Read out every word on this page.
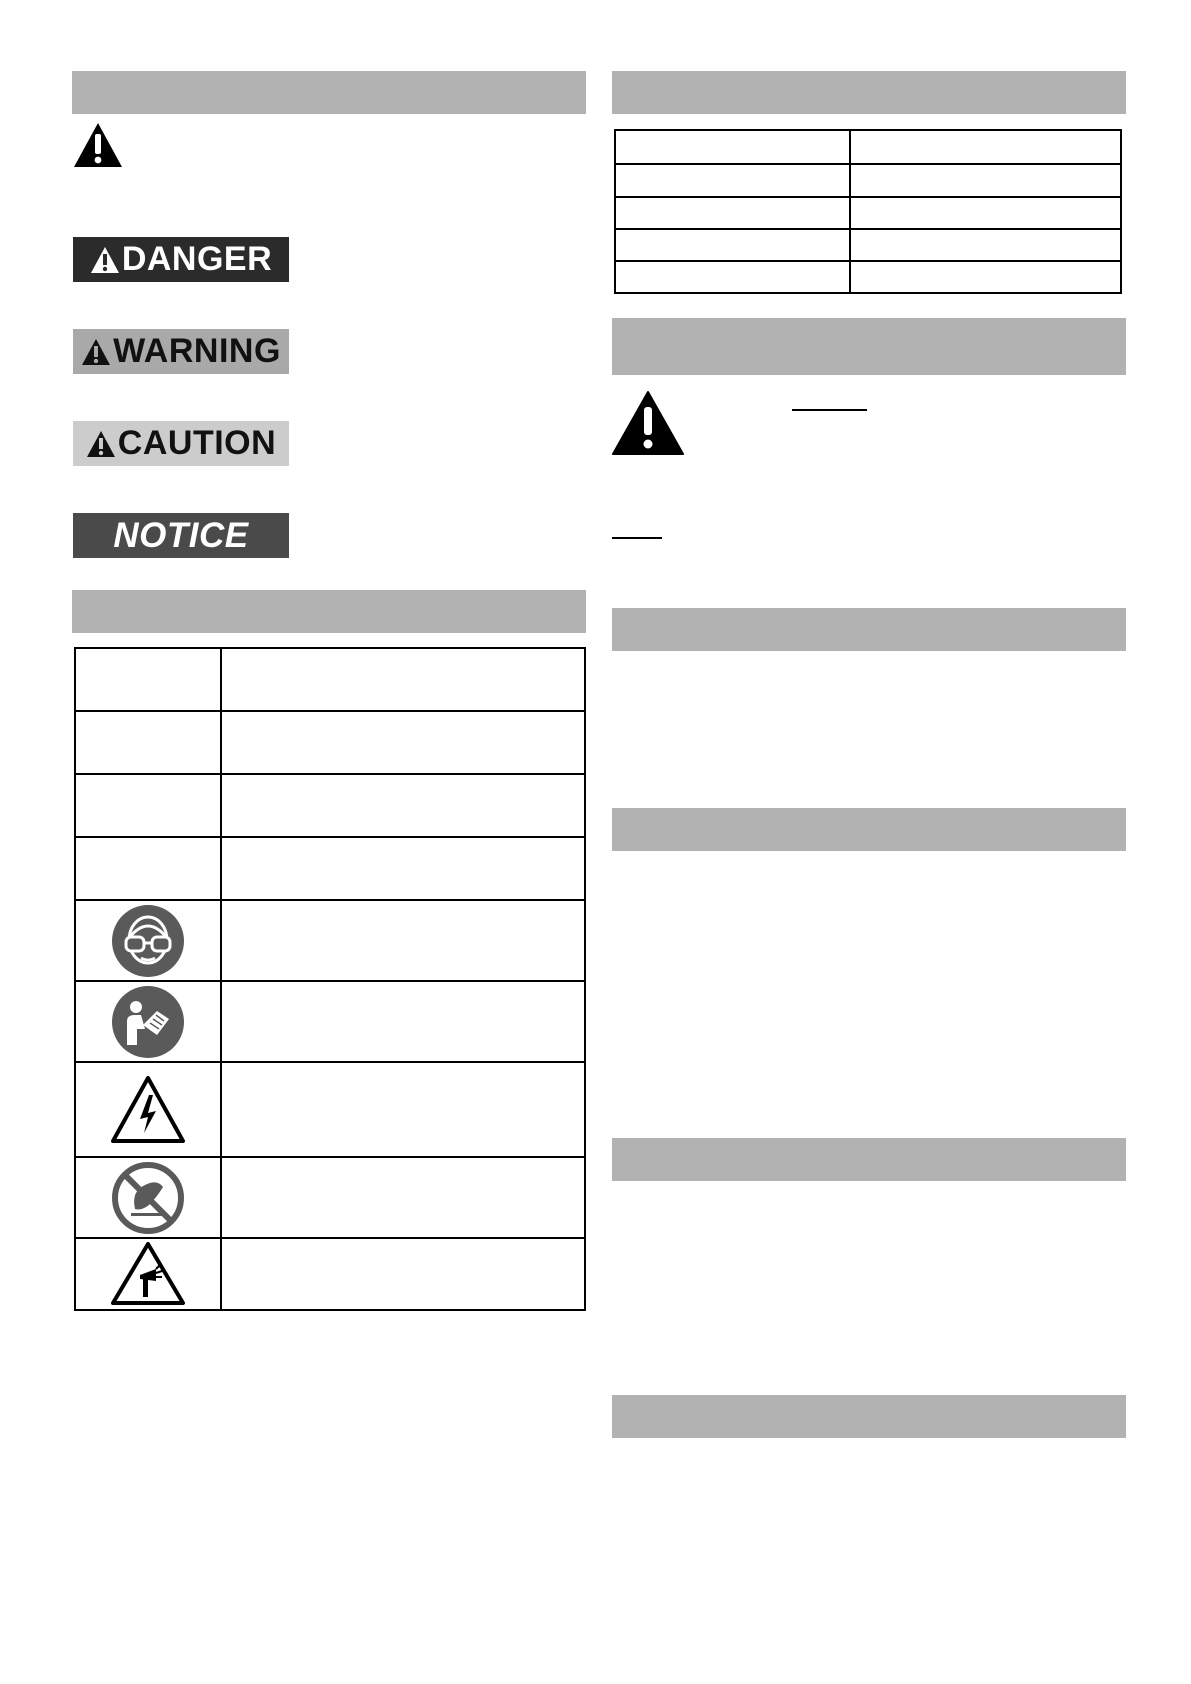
DANGER
WARNING
CAUTION
NOTICE
